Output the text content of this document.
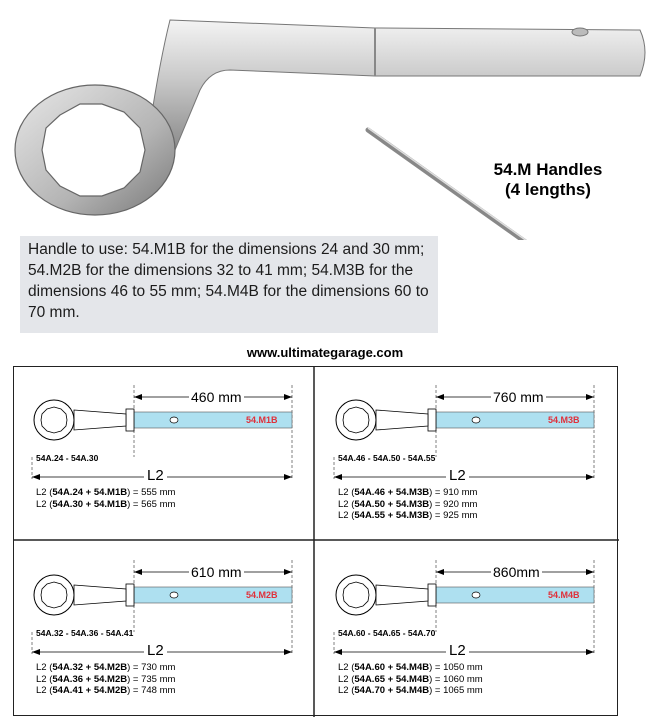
54.M Handles
(4 lengths)
Handle to use: 54.M1B for the dimensions 24 and 30 mm; 54.M2B for the dimensions 32 to 41 mm; 54.M3B for the dimensions 46 to 55 mm; 54.M4B for the dimensions 60 to 70 mm.
www.ultimategarage.com
460 mm
54.M1B
54A.24 - 54A.30
L2
L2 (54A.24 + 54.M1B) = 555 mm
L2 (54A.30 + 54.M1B) = 565 mm
760 mm
54.M3B
54A.46 - 54A.50 - 54A.55
L2
L2 (54A.46 + 54.M3B) = 910 mm
L2 (54A.50 + 54.M3B) = 920 mm
L2 (54A.55 + 54.M3B) = 925 mm
610 mm
54.M2B
54A.32 - 54A.36 - 54A.41
L2
L2 (54A.32 + 54.M2B) = 730 mm
L2 (54A.36 + 54.M2B) = 735 mm
L2 (54A.41 + 54.M2B) = 748 mm
860mm
54.M4B
54A.60 - 54A.65 - 54A.70
L2
L2 (54A.60 + 54.M4B) = 1050 mm
L2 (54A.65 + 54.M4B) = 1060 mm
L2 (54A.70 + 54.M4B) = 1065 mm
